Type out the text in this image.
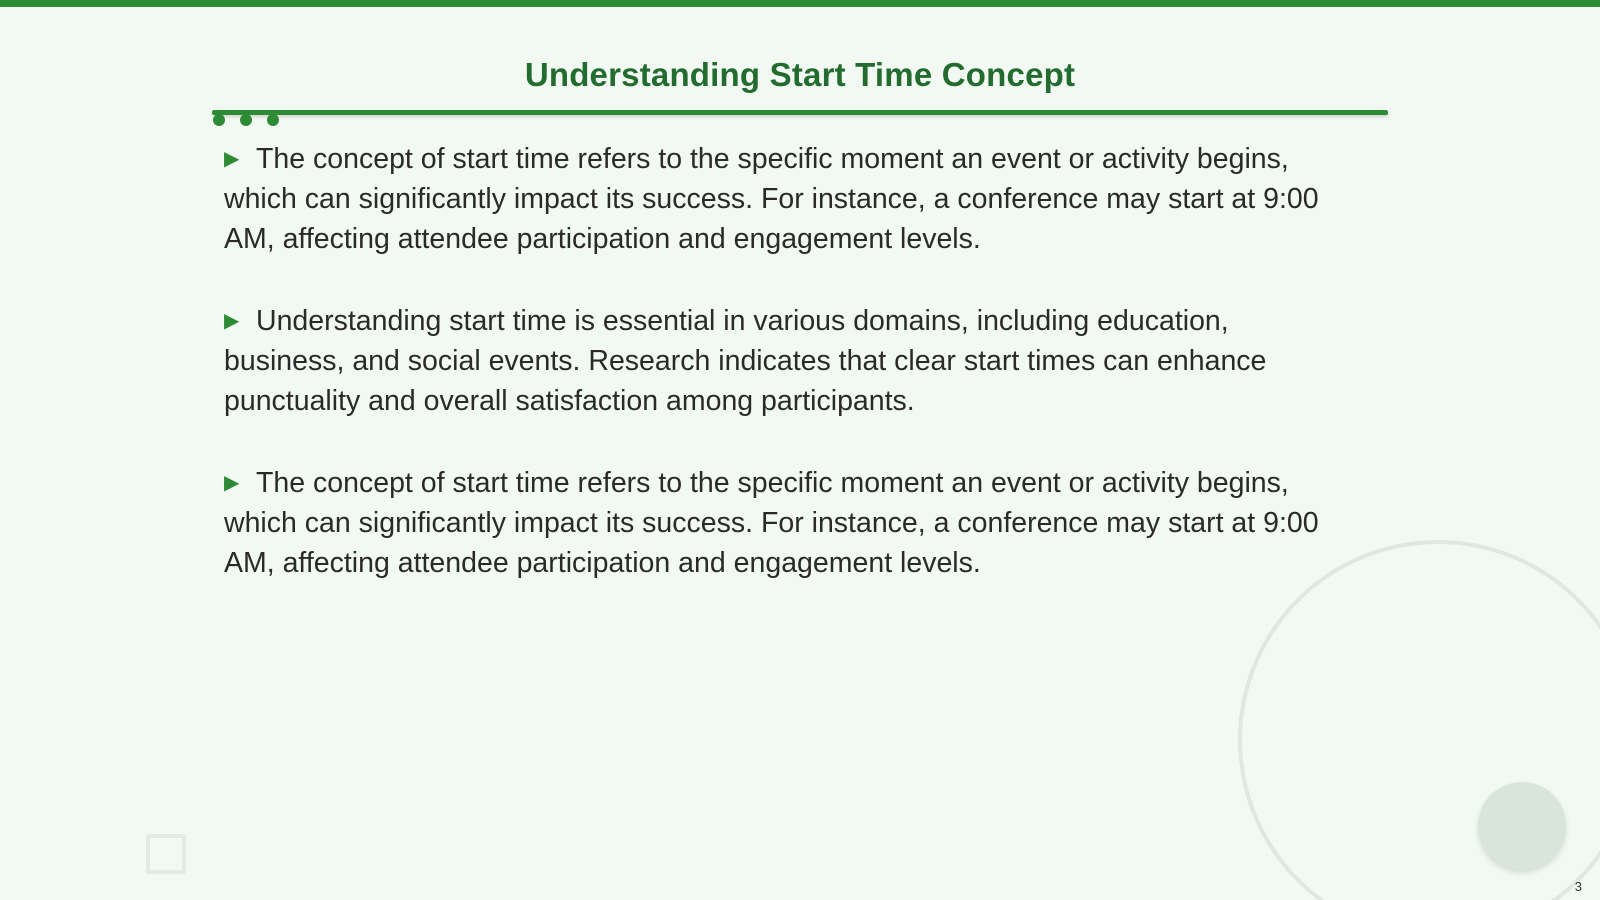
Understanding Start Time Concept

▶ The concept of start time refers to the specific moment an event or activity begins, which can significantly impact its success. For instance, a conference may start at 9:00 AM, affecting attendee participation and engagement levels.

▶ Understanding start time is essential in various domains, including education, business, and social events. Research indicates that clear start times can enhance punctuality and overall satisfaction among participants.

▶ The concept of start time refers to the specific moment an event or activity begins, which can significantly impact its success. For instance, a conference may start at 9:00 AM, affecting attendee participation and engagement levels.

3
